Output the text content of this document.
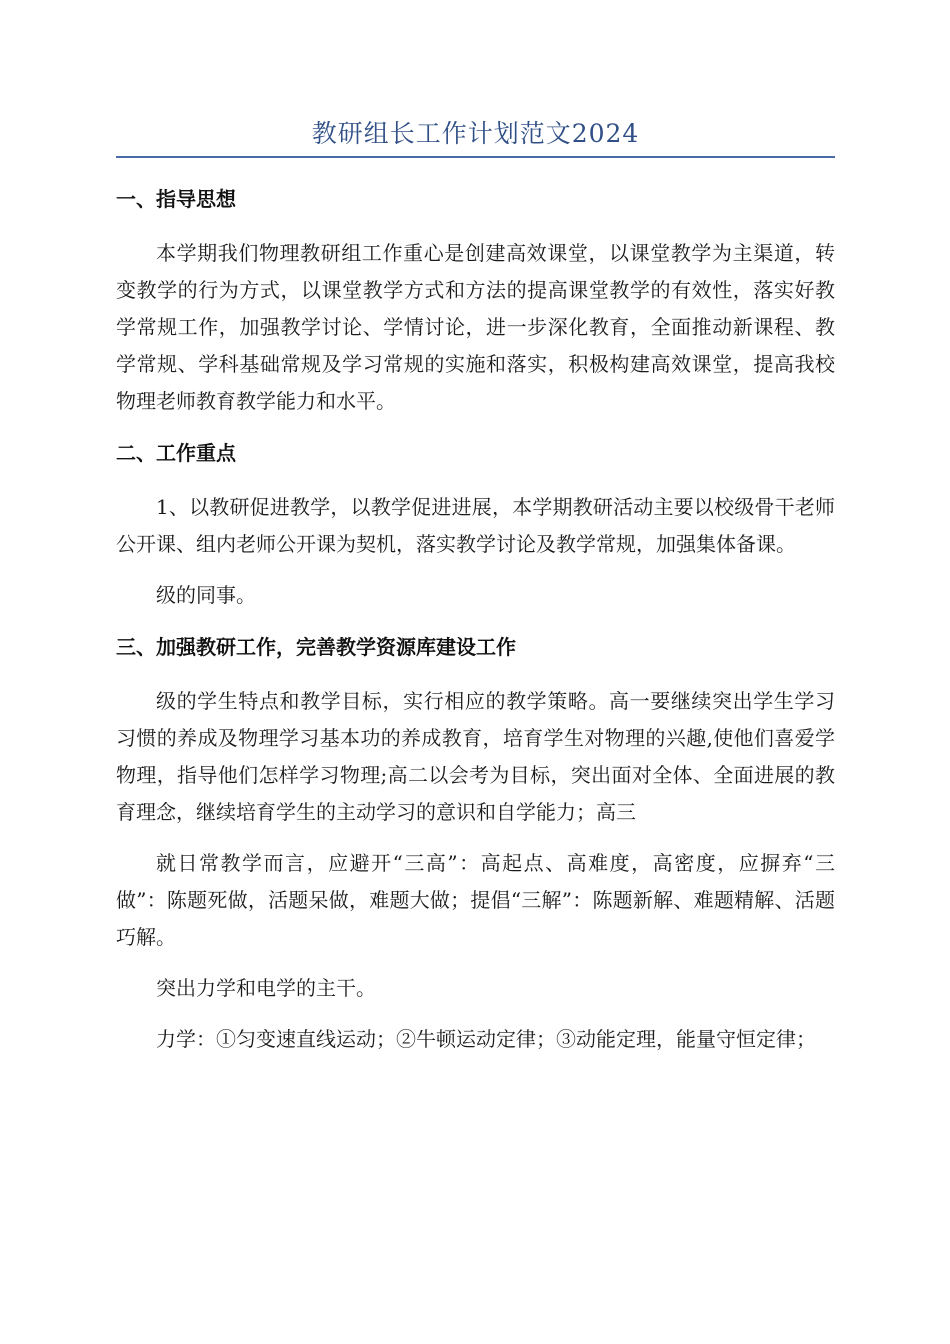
教研组长工作计划范文2024
一、指导思想

本学期我们物理教研组工作重心是创建高效课堂，以课堂教学为主渠道，转变教学的行为方式，以课堂教学方式和方法的提高课堂教学的有效性，落实好教学常规工作，加强教学讨论、学情讨论，进一步深化教育，全面推动新课程、教学常规、学科基础常规及学习常规的实施和落实，积极构建高效课堂，提高我校物理老师教育教学能力和水平。

二、工作重点

1、以教研促进教学，以教学促进进展，本学期教研活动主要以校级骨干老师公开课、组内老师公开课为契机，落实教学讨论及教学常规，加强集体备课。

级的同事。

三、加强教研工作，完善教学资源库建设工作

级的学生特点和教学目标，实行相应的教学策略。高一要继续突出学生学习习惯的养成及物理学习基本功的养成教育，培育学生对物理的兴趣,使他们喜爱学物理，指导他们怎样学习物理;高二以会考为目标，突出面对全体、全面进展的教育理念，继续培育学生的主动学习的意识和自学能力；高三

就日常教学而言，应避开“三高”：高起点、高难度，高密度，应摒弃“三做”：陈题死做，活题呆做，难题大做；提倡“三解”：陈题新解、难题精解、活题巧解。

突出力学和电学的主干。

力学：①匀变速直线运动；②牛顿运动定律；③动能定理，能量守恒定律；
